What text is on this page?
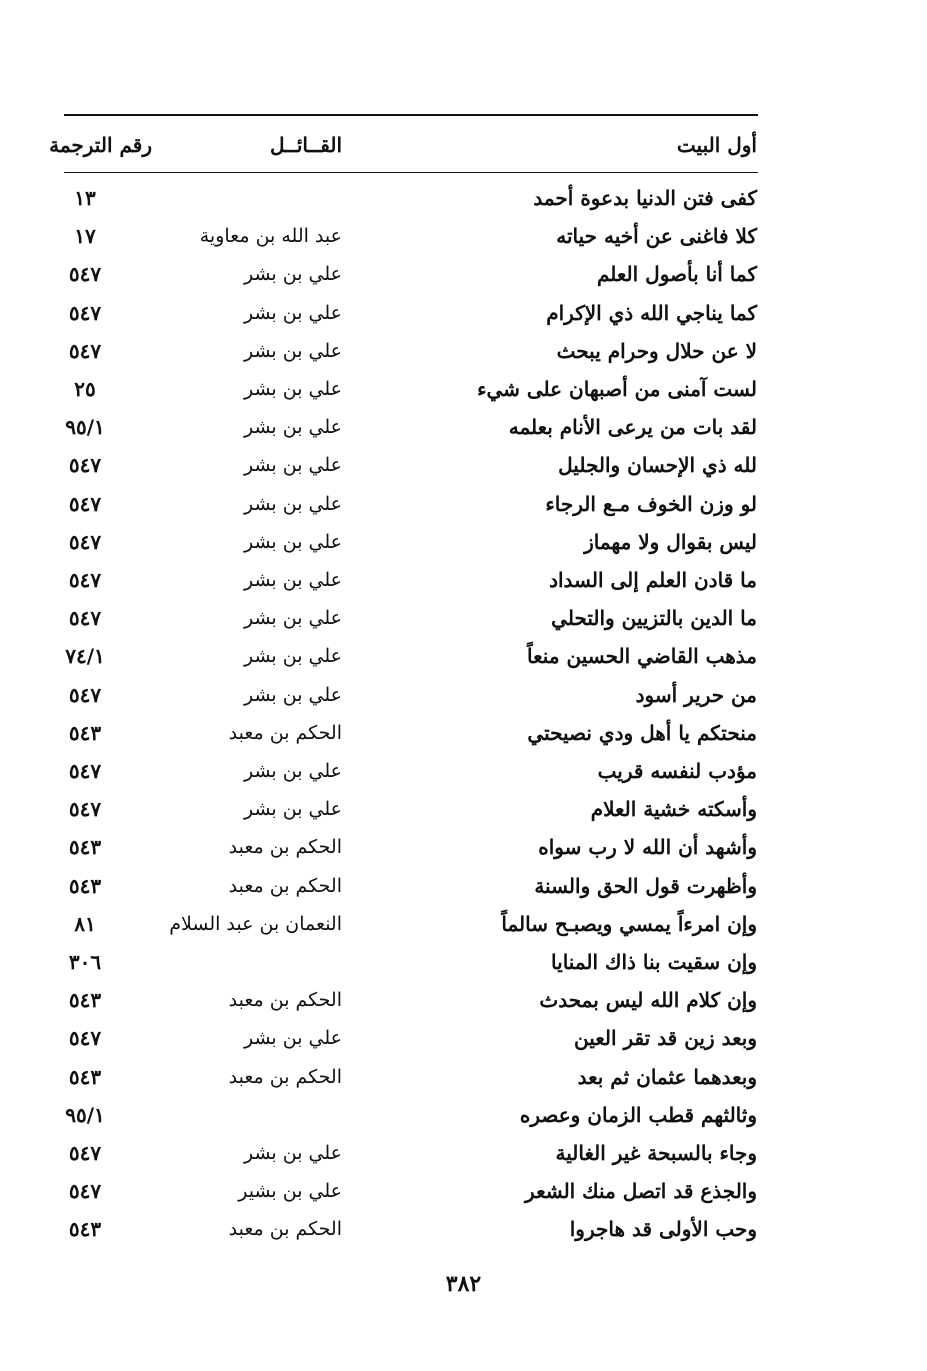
أول البيت
القــائــل
رقم الترجمة
كفى فتن الدنيا بدعوة أحمد
١٣
كلا فاغنى عن أخيه حياته
عبد الله بن معاوية
١٧
كما أنا بأصول العلم
علي بن بشر
٥٤٧
كما يناجي الله ذي الإكرام
علي بن بشر
٥٤٧
لا عن حلال وحرام يبحث
علي بن بشر
٥٤٧
لست آمنى من أصبهان على شيء
علي بن بشر
٢٥
لقد بات من يرعى الأنام بعلمه
علي بن بشر
٩٥/١
لله ذي الإحسان والجليل
علي بن بشر
٥٤٧
لو وزن الخوف مـع الرجاء
علي بن بشر
٥٤٧
ليس بقوال ولا مهماز
علي بن بشر
٥٤٧
ما قادن العلم إلى السداد
علي بن بشر
٥٤٧
ما الدين بالتزيين والتحلي
علي بن بشر
٥٤٧
مذهب القاضي الحسين منعاً
علي بن بشر
٧٤/١
من حرير أسود
علي بن بشر
٥٤٧
منحتكم يا أهل ودي نصيحتي
الحكم بن معبد
٥٤٣
مؤدب لنفسه قريب
علي بن بشر
٥٤٧
وأسكته خشية العلام
علي بن بشر
٥٤٧
وأشهد أن الله لا رب سواه
الحكم بن معبد
٥٤٣
وأظهرت قول الحق والسنة
الحكم بن معبد
٥٤٣
وإن امرءاً يمسي ويصبـح سالماً
النعمان بن عبد السلام
٨١
وإن سقيت بنا ذاك المنايا
٣٠٦
وإن كلام الله ليس بمحدث
الحكم بن معبد
٥٤٣
وبعد زين قد تقر العين
علي بن بشر
٥٤٧
وبعدهما عثمان ثم بعد
الحكم بن معبد
٥٤٣
وثالثهم قطب الزمان وعصره
٩٥/١
وجاء بالسبحة غير الغالية
علي بن بشر
٥٤٧
والجذع قد اتصل منك الشعر
علي بن بشير
٥٤٧
وحب الأولى قد هاجروا
الحكم بن معبد
٥٤٣
٣٨٢
